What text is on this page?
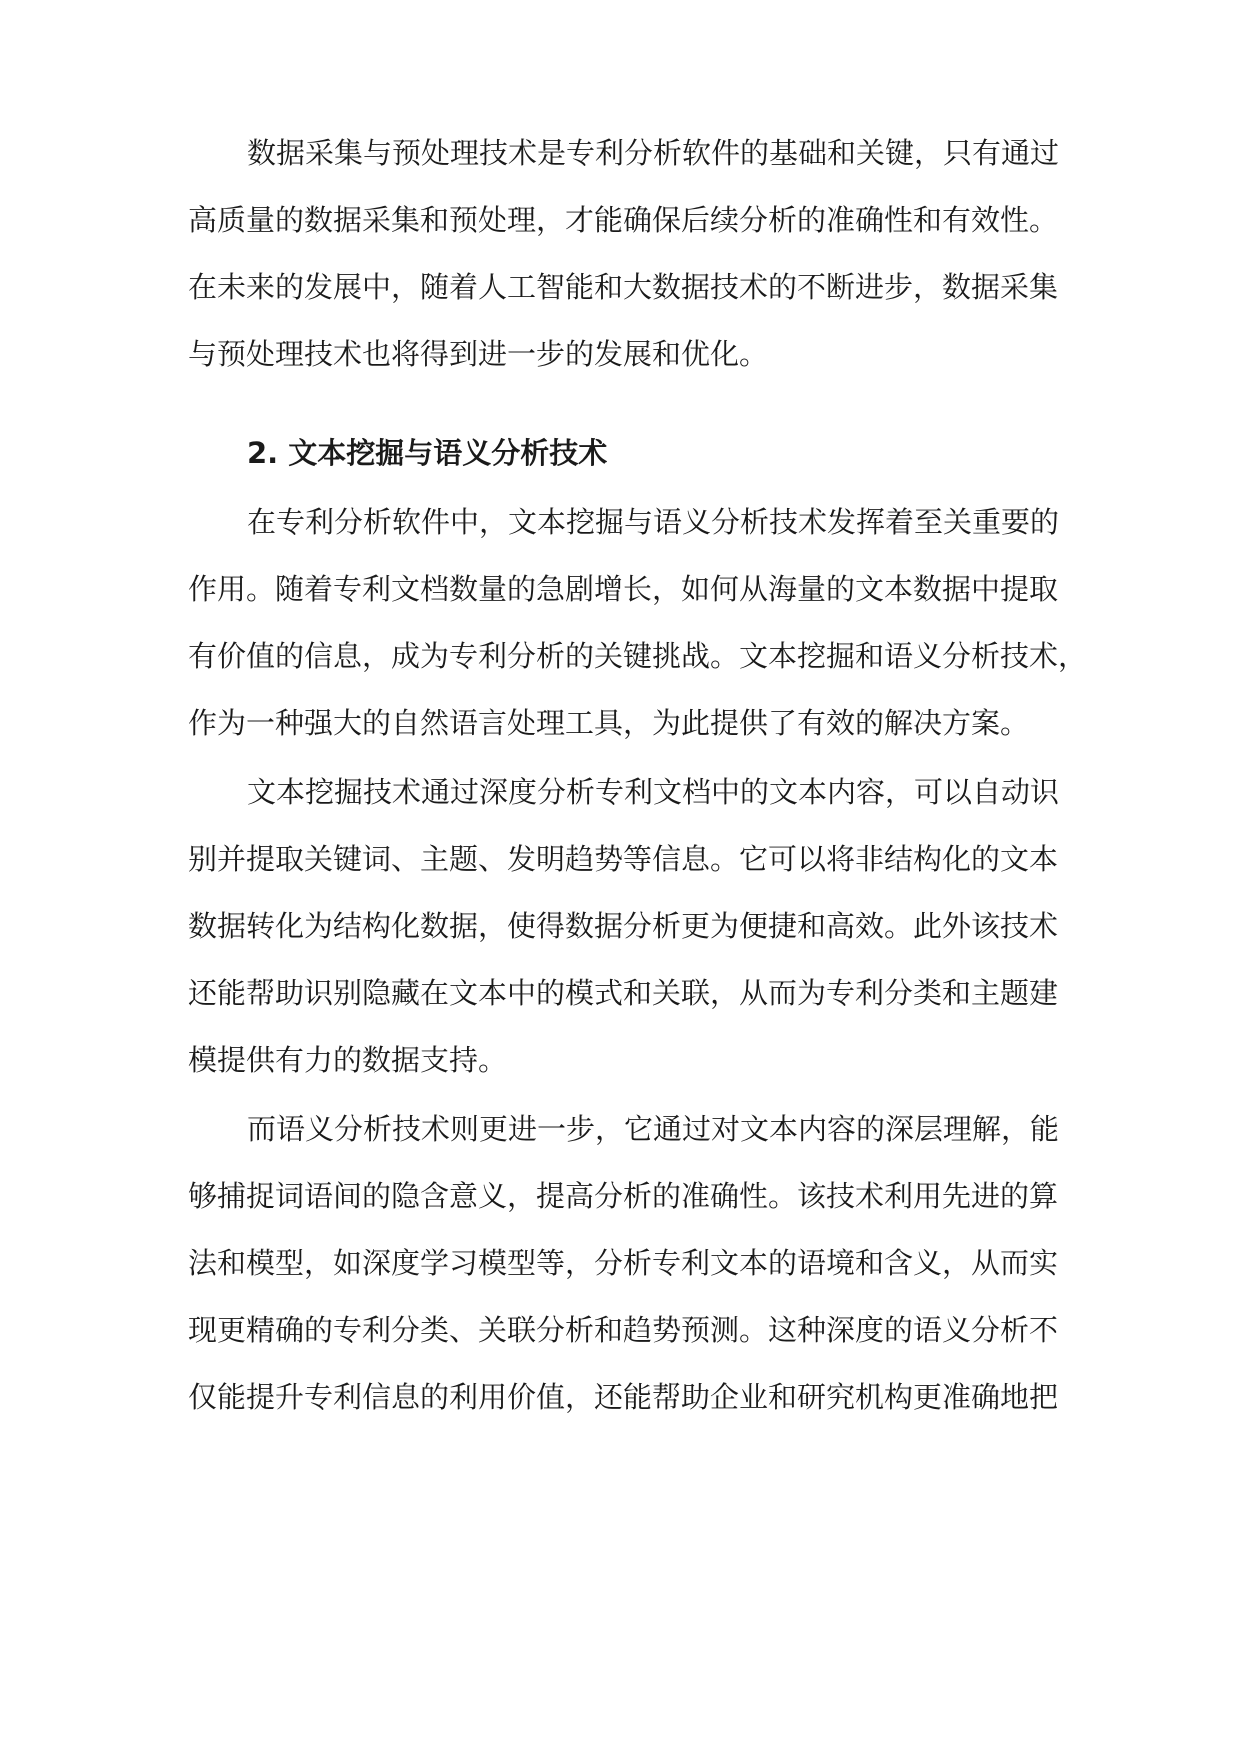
数据采集与预处理技术是专利分析软件的基础和关键，只有通过

高质量的数据采集和预处理，才能确保后续分析的准确性和有效性。

在未来的发展中，随着人工智能和大数据技术的不断进步，数据采集

与预处理技术也将得到进一步的发展和优化。

2. 文本挖掘与语义分析技术

在专利分析软件中，文本挖掘与语义分析技术发挥着至关重要的

作用。随着专利文档数量的急剧增长，如何从海量的文本数据中提取

有价值的信息，成为专利分析的关键挑战。文本挖掘和语义分析技术，

作为一种强大的自然语言处理工具，为此提供了有效的解决方案。

文本挖掘技术通过深度分析专利文档中的文本内容，可以自动识

别并提取关键词、主题、发明趋势等信息。它可以将非结构化的文本

数据转化为结构化数据，使得数据分析更为便捷和高效。此外该技术

还能帮助识别隐藏在文本中的模式和关联，从而为专利分类和主题建

模提供有力的数据支持。

而语义分析技术则更进一步，它通过对文本内容的深层理解，能

够捕捉词语间的隐含意义，提高分析的准确性。该技术利用先进的算

法和模型，如深度学习模型等，分析专利文本的语境和含义，从而实

现更精确的专利分类、关联分析和趋势预测。这种深度的语义分析不

仅能提升专利信息的利用价值，还能帮助企业和研究机构更准确地把
